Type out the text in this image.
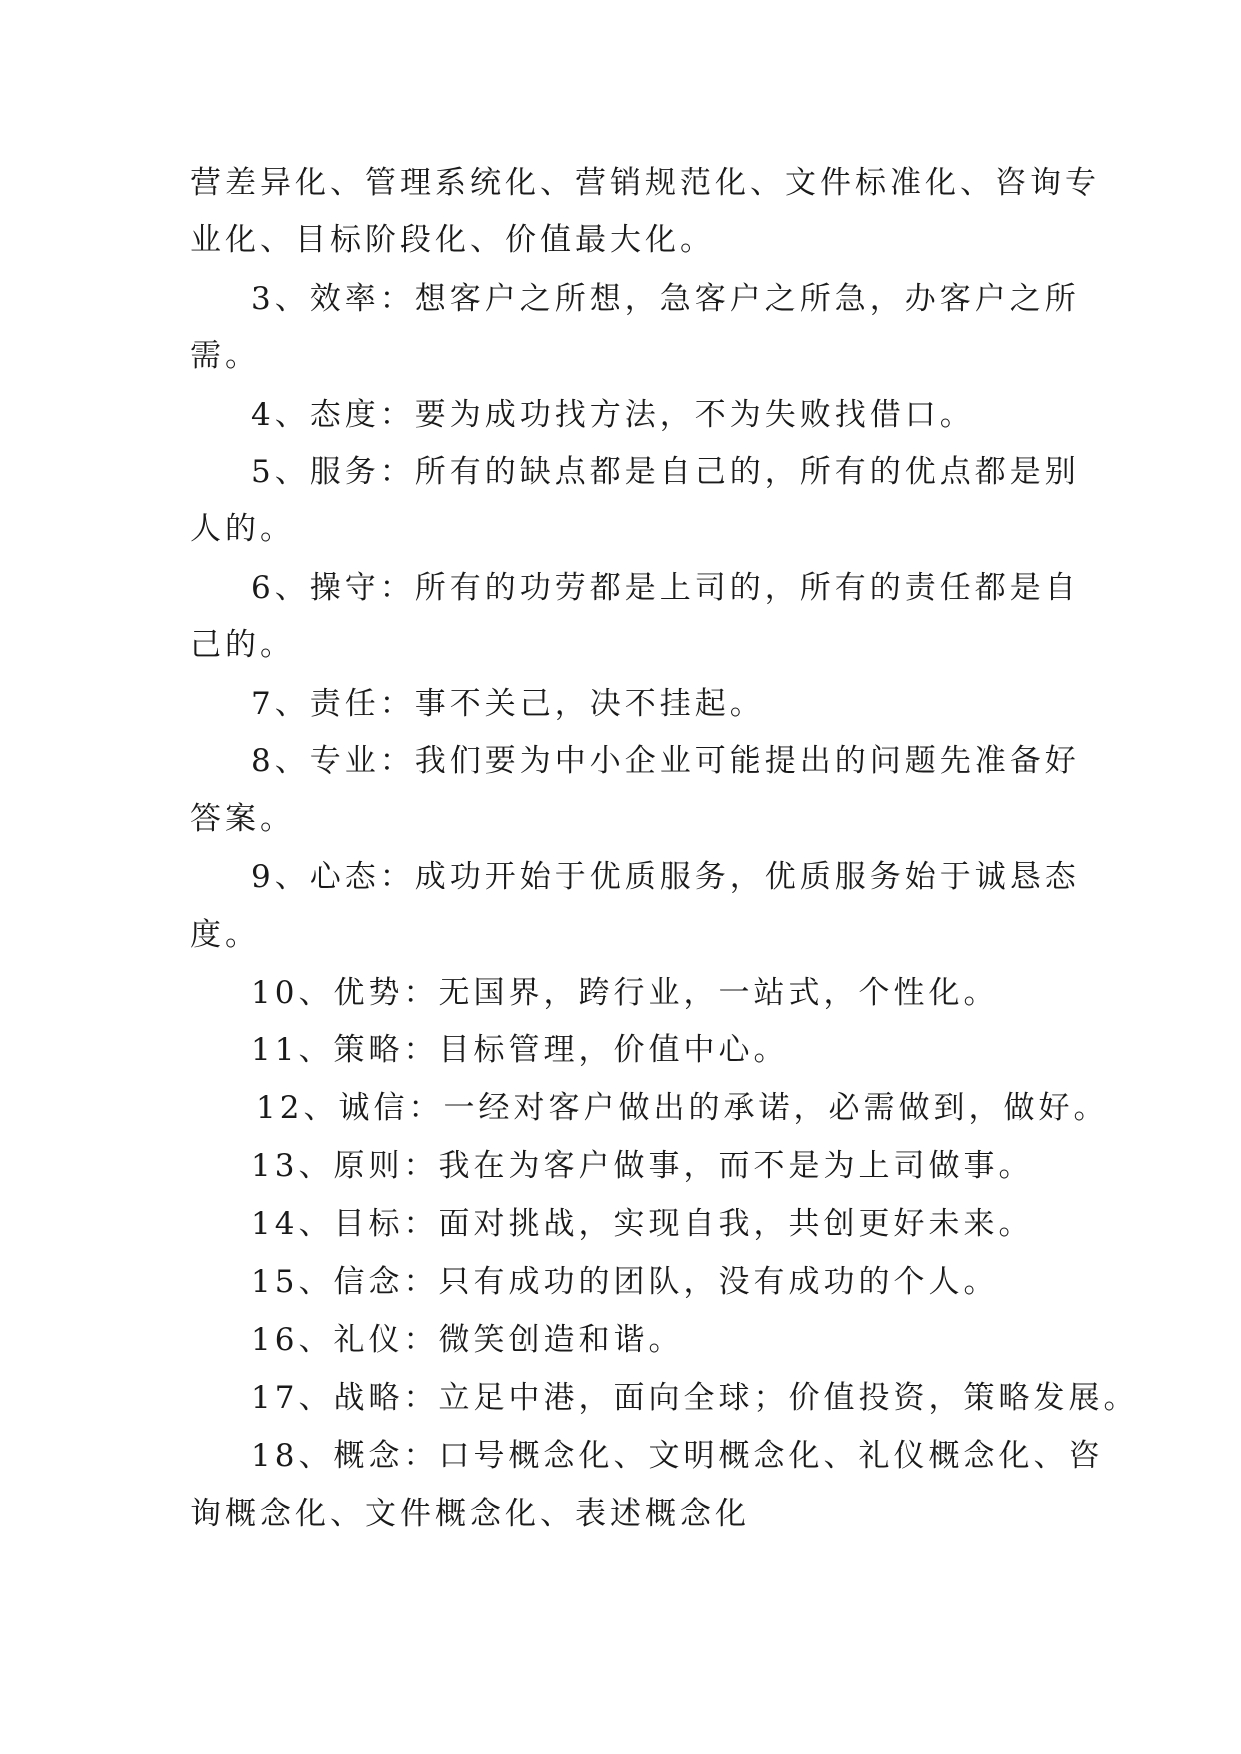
营差异化、管理系统化、营销规范化、文件标准化、咨询专
业化、目标阶段化、价值最大化。
3、效率：想客户之所想，急客户之所急，办客户之所
需。
4、态度：要为成功找方法，不为失败找借口。
5、服务：所有的缺点都是自己的，所有的优点都是别
人的。
6、操守：所有的功劳都是上司的，所有的责任都是自
己的。
7、责任：事不关己，决不挂起。
8、专业：我们要为中小企业可能提出的问题先准备好
答案。
9、心态：成功开始于优质服务，优质服务始于诚恳态
度。
10、优势：无国界，跨行业，一站式，个性化。
11、策略：目标管理，价值中心。
12、诚信：一经对客户做出的承诺，必需做到，做好。
13、原则：我在为客户做事，而不是为上司做事。
14、目标：面对挑战，实现自我，共创更好未来。
15、信念：只有成功的团队，没有成功的个人。
16、礼仪：微笑创造和谐。
17、战略：立足中港，面向全球；价值投资，策略发展。
18、概念：口号概念化、文明概念化、礼仪概念化、咨
询概念化、文件概念化、表述概念化
